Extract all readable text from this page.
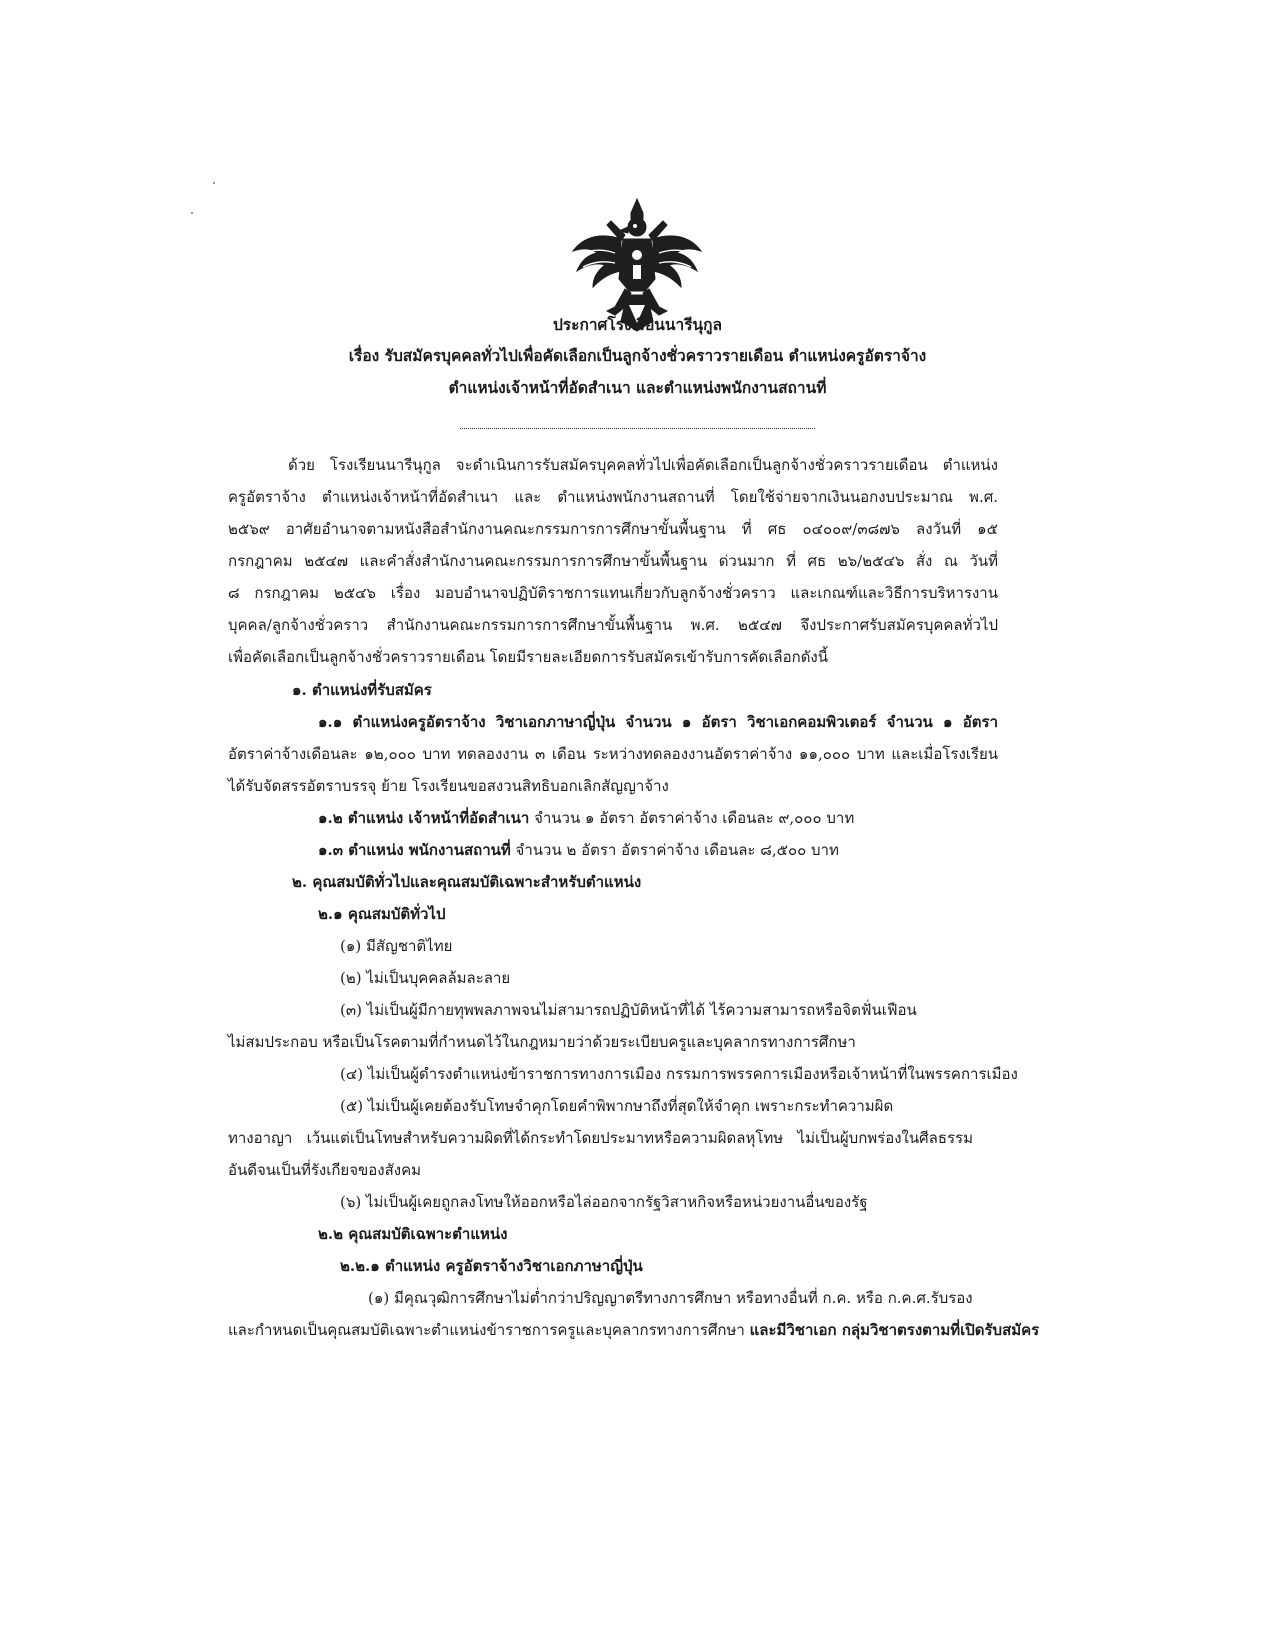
ประกาศโรงเรียนนารีนุกูล
เรื่อง รับสมัครบุคคลทั่วไปเพื่อคัดเลือกเป็นลูกจ้างชั่วคราวรายเดือน ตำแหน่งครูอัตราจ้าง
ตำแหน่งเจ้าหน้าที่อัดสำเนา และตำแหน่งพนักงานสถานที่
ด้วย โรงเรียนนารีนุกูล จะดำเนินการรับสมัครบุคคลทั่วไปเพื่อคัดเลือกเป็นลูกจ้างชั่วคราวรายเดือน ตำแหน่ง
ครูอัตราจ้าง ตำแหน่งเจ้าหน้าที่อัดสำเนา และ ตำแหน่งพนักงานสถานที่ โดยใช้จ่ายจากเงินนอกงบประมาณ พ.ศ.
๒๕๖๙ อาศัยอำนาจตามหนังสือสำนักงานคณะกรรมการการศึกษาขั้นพื้นฐาน ที่ ศธ ๐๔๐๐๙/๓๘๗๖ ลงวันที่ ๑๕
กรกฎาคม ๒๕๔๗ และคำสั่งสำนักงานคณะกรรมการการศึกษาขั้นพื้นฐาน ด่วนมาก ที่ ศธ ๒๖/๒๕๔๖ สั่ง ณ วันที่
๘ กรกฎาคม ๒๕๔๖ เรื่อง มอบอำนาจปฏิบัติราชการแทนเกี่ยวกับลูกจ้างชั่วคราว และเกณฑ์และวิธีการบริหารงาน
บุคคล/ลูกจ้างชั่วคราว สำนักงานคณะกรรมการการศึกษาขั้นพื้นฐาน พ.ศ. ๒๕๔๗ จึงประกาศรับสมัครบุคคลทั่วไป
เพื่อคัดเลือกเป็นลูกจ้างชั่วคราวรายเดือน โดยมีรายละเอียดการรับสมัครเข้ารับการคัดเลือกดังนี้
๑. ตำแหน่งที่รับสมัคร
๑.๑ ตำแหน่งครูอัตราจ้าง วิชาเอกภาษาญี่ปุ่น จำนวน ๑ อัตรา วิชาเอกคอมพิวเตอร์ จำนวน ๑ อัตรา
อัตราค่าจ้างเดือนละ ๑๒,๐๐๐ บาท ทดลองงาน ๓ เดือน ระหว่างทดลองงานอัตราค่าจ้าง ๑๑,๐๐๐ บาท และเมื่อโรงเรียน
ได้รับจัดสรรอัตราบรรจุ ย้าย โรงเรียนขอสงวนสิทธิบอกเลิกสัญญาจ้าง
๑.๒ ตำแหน่ง เจ้าหน้าที่อัดสำเนา จำนวน ๑ อัตรา อัตราค่าจ้าง เดือนละ ๙,๐๐๐ บาท
๑.๓ ตำแหน่ง พนักงานสถานที่ จำนวน ๒ อัตรา อัตราค่าจ้าง เดือนละ ๘,๕๐๐ บาท
๒. คุณสมบัติทั่วไปและคุณสมบัติเฉพาะสำหรับตำแหน่ง
๒.๑ คุณสมบัติทั่วไป
(๑) มีสัญชาติไทย
(๒) ไม่เป็นบุคคลล้มละลาย
(๓) ไม่เป็นผู้มีกายทุพพลภาพจนไม่สามารถปฏิบัติหน้าที่ได้ ไร้ความสามารถหรือจิตฟั่นเฟือน
ไม่สมประกอบ หรือเป็นโรคตามที่กำหนดไว้ในกฎหมายว่าด้วยระเบียบครูและบุคลากรทางการศึกษา
(๔) ไม่เป็นผู้ดำรงตำแหน่งข้าราชการทางการเมือง กรรมการพรรคการเมืองหรือเจ้าหน้าที่ในพรรคการเมือง
(๕) ไม่เป็นผู้เคยต้องรับโทษจำคุกโดยคำพิพากษาถึงที่สุดให้จำคุก เพราะกระทำความผิด
ทางอาญา เว้นแต่เป็นโทษสำหรับความผิดที่ได้กระทำโดยประมาทหรือความผิดลหุโทษ ไม่เป็นผู้บกพร่องในศีลธรรม
อันดีจนเป็นที่รังเกียจของสังคม
(๖) ไม่เป็นผู้เคยถูกลงโทษให้ออกหรือไล่ออกจากรัฐวิสาหกิจหรือหน่วยงานอื่นของรัฐ
๒.๒ คุณสมบัติเฉพาะตำแหน่ง
๒.๒.๑ ตำแหน่ง ครูอัตราจ้างวิชาเอกภาษาญี่ปุ่น
(๑) มีคุณวุฒิการศึกษาไม่ต่ำกว่าปริญญาตรีทางการศึกษา หรือทางอื่นที่ ก.ค. หรือ ก.ค.ศ.รับรอง
และกำหนดเป็นคุณสมบัติเฉพาะตำแหน่งข้าราชการครูและบุคลากรทางการศึกษา และมีวิชาเอก กลุ่มวิชาตรงตามที่เปิดรับสมัคร
